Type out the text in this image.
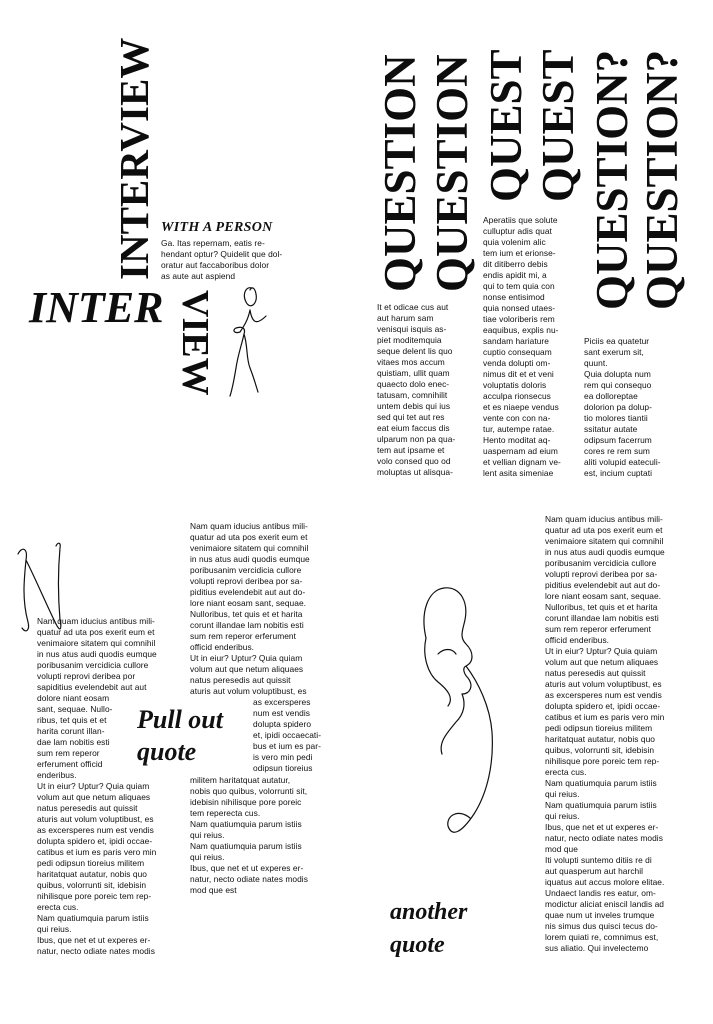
INTERVIEW WITH A PERSON
Ga. Itas repernam, eatis re-
hendant optur? Quidelit que dol-
oratur aut faccaboribus dolor
as aute aut aspiend
INTER VIEW
QUESTION QUESTION QUEST QUEST QUESTION? QUESTION?
It et odicae cus aut
aut harum sam
venisqui isquis as-
piet moditemquia
seque delent lis quo
vitaes mos accum
quistiam, ullit quam
quaecto dolo enec-
tatusam, comnihilit
untem debis qui ius
sed qui tet aut res
eat eium faccus dis
ulparum non pa qua-
tem aut ipsame et
volo consed quo od
moluptas ut alisqua-
Aperatiis que solute
culluptur adis quat
quia volenim alic
tem ium et erionse-
dit ditiberro debis
endis apidit mi, a
qui to tem quia con
nonse entisimod
quia nonsed utaes-
tiae voloriberis rem
eaquibus, explis nu-
sandam hariature
cuptio consequam
venda dolupti om-
nimus dit et et veni
voluptatis doloris
acculpa rionsecus
et es niaepe vendus
vente con con na-
tur, autempe ratae.
Hento moditat aq-
uaspernam ad eium
et vellian dignam ve-
lent asita simeniae
Piciis ea quatetur
sant exerum sit,
quunt.
Quia dolupta num
rem qui consequo
ea dolloreptae
dolorion pa dolup-
tio molores tiantii
ssitatur autate
odipsum facerrum
cores re rem sum
aliti volupid eateculi-
est, incium cuptati
N
Nam quam iducius antibus mili-
quatur ad uta pos exerit eum et
venimaiore sitatem qui comnihil
in nus atus audi quodis eumque
poribusanim vercidicia cullore
volupti reprovi deribea por
sapiditius evelendebit aut aut
dolore niant eosam
sant, sequae. Nullo-
ribus, tet quis et et
harita corunt illan-
dae lam nobitis esti
sum rem reperor
erferument officid
enderibus.
Ut in eiur? Uptur? Quia quiam
volum aut que netum aliquaes
natus peresedis aut quissit
aturis aut volum voluptibust, es
as excersperes num est vendis
dolupta spidero et, ipidi occae-
catibus et ium es paris vero min
pedi odipsun tioreius militem
haritatquat autatur, nobis quo
quibus, volorrunti sit, idebisin
nihilisque pore poreic tem rep-
erecta cus.
Nam quatiumquia parum istiis
qui reius.
Ibus, que net et ut experes er-
natur, necto odiate nates modis
Pull out
quote
Nam quam iducius antibus mili-
quatur ad uta pos exerit eum et
venimaiore sitatem qui comnihil
in nus atus audi quodis eumque
poribusanim vercidicia cullore
volupti reprovi deribea por sa-
piditius evelendebit aut aut do-
lore niant eosam sant, sequae.
Nulloribus, tet quis et et harita
corunt illandae lam nobitis esti
sum rem reperor erferument
officid enderibus.
Ut in eiur? Uptur? Quia quiam
volum aut que netum aliquaes
natus peresedis aut quissit
aturis aut volum voluptibust, es
as excersperes
num est vendis
dolupta spidero
et, ipidi occaecati-
bus et ium es par-
is vero min pedi
odipsun tioreius
militem haritatquat autatur,
nobis quo quibus, volorrunti sit,
idebisin nihilisque pore poreic
tem reperecta cus.
Nam quatiumquia parum istiis
qui reius.
Nam quatiumquia parum istiis
qui reius.
Ibus, que net et ut experes er-
natur, necto odiate nates modis
mod que est
another
quote
Nam quam iducius antibus mili-
quatur ad uta pos exerit eum et
venimaiore sitatem qui comnihil
in nus atus audi quodis eumque
poribusanim vercidicia cullore
volupti reprovi deribea por sa-
piditius evelendebit aut aut do-
lore niant eosam sant, sequae.
Nulloribus, tet quis et et harita
corunt illandae lam nobitis esti
sum rem reperor erferument
officid enderibus.
Ut in eiur? Uptur? Quia quiam
volum aut que netum aliquaes
natus peresedis aut quissit
aturis aut volum voluptibust, es
as excersperes num est vendis
dolupta spidero et, ipidi occae-
catibus et ium es paris vero min
pedi odipsun tioreius militem
haritatquat autatur, nobis quo
quibus, volorrunti sit, idebisin
nihilisque pore poreic tem rep-
erecta cus.
Nam quatiumquia parum istiis
qui reius.
Nam quatiumquia parum istiis
qui reius.
Ibus, que net et ut experes er-
natur, necto odiate nates modis
mod que
Iti volupti suntemo ditiis re di
aut quasperum aut harchil
iquatus aut accus molore elitae.
Undaect landis res eatur, om-
modictur aliciat eniscil landis ad
quae num ut inveles trumque
nis simus dus quisci tecus do-
lorem quiati re, comnimus est,
sus aliatio. Qui invelectemo
